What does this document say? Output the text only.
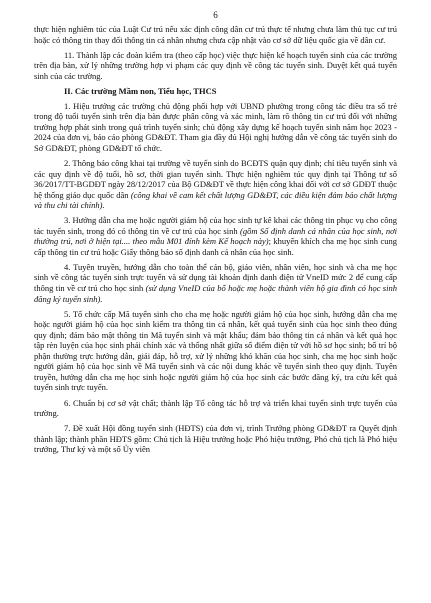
6

thực hiện nghiêm túc của Luật Cư trú nếu xác định công dân cư trú thực tế nhưng chưa làm thủ tục cư trú hoặc có thông tin thay đổi thông tin cá nhân nhưng chưa cập nhật vào cơ sở dữ liệu quốc gia về dân cư.

11. Thành lập các đoàn kiểm tra (theo cấp học) việc thực hiện kế hoạch tuyển sinh của các trường trên địa bàn, xử lý những trường hợp vi phạm các quy định về công tác tuyển sinh. Duyệt kết quả tuyển sinh của các trường.

II. Các trường Mầm non, Tiểu học, THCS

1. Hiệu trưởng các trường chủ động phối hợp với UBND phường trong công tác điều tra số trẻ trong độ tuổi tuyển sinh trên địa bàn được phân công và xác minh, làm rõ thông tin cư trú đối với những trường hợp phát sinh trong quá trình tuyển sinh; chủ động xây dựng kế hoạch tuyển sinh năm học 2023 - 2024 của đơn vị, báo cáo phòng GD&ĐT. Tham gia đầy đủ Hội nghị hướng dẫn về công tác tuyển sinh do Sở GD&ĐT, phòng GD&ĐT tổ chức.

2. Thông báo công khai tại trường về tuyển sinh do BCĐTS quận quy định; chỉ tiêu tuyển sinh và các quy định về độ tuổi, hồ sơ, thời gian tuyển sinh. Thực hiện nghiêm túc quy định tại Thông tư số 36/2017/TT-BGDĐT ngày 28/12/2017 của Bộ GD&ĐT về thực hiện công khai đối với cơ sở GDĐT thuộc hệ thống giáo dục quốc dân (công khai về cam kết chất lượng GD&ĐT, các điều kiện đảm bảo chất lượng và thu chi tài chính).

3. Hướng dẫn cha mẹ hoặc người giám hộ của học sinh tự kê khai các thông tin phục vụ cho công tác tuyển sinh, trong đó có thông tin về cư trú của học sinh (gồm Số định danh cá nhân của học sinh, nơi thường trú, nơi ở hiện tại.... theo mẫu M01 đính kèm Kế hoạch này); khuyến khích cha mẹ học sinh cung cấp thông tin cư trú hoặc Giấy thông báo số định danh cá nhân của học sinh.

4. Tuyên truyền, hướng dẫn cho toàn thể cán bộ, giáo viên, nhân viên, học sinh và cha mẹ học sinh về công tác tuyển sinh trực tuyến và sử dụng tài khoản định danh điện tử VneID mức 2 để cung cấp thông tin về cư trú cho học sinh (sử dụng VneID của bố hoặc mẹ hoặc thành viên hộ gia đình có học sinh đăng ký tuyển sinh).

5. Tổ chức cấp Mã tuyển sinh cho cha mẹ hoặc người giám hộ của học sinh, hướng dẫn cha mẹ hoặc người giám hộ của học sinh kiểm tra thông tin cá nhân, kết quả tuyển sinh của học sinh theo đúng quy định; đảm bảo mật thông tin Mã tuyển sinh và mật khẩu; đảm bảo thông tin cá nhân và kết quả học tập rèn luyện của học sinh phải chính xác và thống nhất giữa số điểm điện tử với hồ sơ học sinh; bố trí bộ phận thường trực hướng dẫn, giải đáp, hỗ trợ, xử lý những khó khăn của học sinh, cha mẹ học sinh hoặc người giám hộ của học sinh về Mã tuyển sinh và các nội dung khác về tuyển sinh theo quy định. Tuyên truyền, hướng dẫn cha mẹ học sinh hoặc người giám hộ của học sinh các bước đăng ký, tra cứu kết quả tuyển sinh trực tuyến.

6. Chuẩn bị cơ sở vật chất; thành lập Tổ công tác hỗ trợ và triển khai tuyển sinh trực tuyến của trường.

7. Đề xuất Hội đồng tuyển sinh (HĐTS) của đơn vị, trình Trưởng phòng GD&ĐT ra Quyết định thành lập; thành phần HĐTS gồm: Chủ tịch là Hiệu trưởng hoặc Phó hiệu trưởng, Phó chủ tịch là Phó hiệu trưởng, Thư ký và một số Ủy viên
